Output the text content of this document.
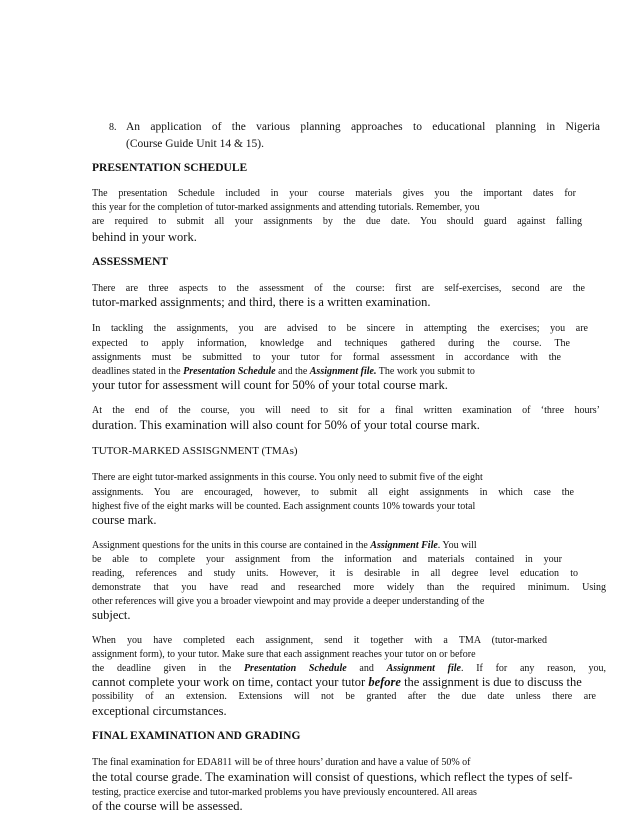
8. An application of the various planning approaches to educational planning in Nigeria
(Course Guide Unit 14 & 15).
PRESENTATION SCHEDULE
The presentation Schedule included in your course materials gives you the important dates for
this year for the completion of tutor-marked assignments and attending tutorials. Remember, you
are required to submit all your assignments by the due date. You should guard against falling
behind in your work.
ASSESSMENT
There are three aspects to the assessment of the course: first are self-exercises, second are the
tutor-marked assignments; and third, there is a written examination.
In tackling the assignments, you are advised to be sincere in attempting the exercises; you are
expected to apply information, knowledge and techniques gathered during the course. The
assignments must be submitted to your tutor for formal assessment in accordance with the
deadlines stated in the Presentation Schedule and the Assignment file. The work you submit to
your tutor for assessment will count for 50% of your total course mark.
At the end of the course, you will need to sit for a final written examination of ‘three hours’
duration. This examination will also count for 50% of your total course mark.
TUTOR-MARKED ASSISGNMENT (TMAs)
There are eight tutor-marked assignments in this course. You only need to submit five of the eight
assignments. You are encouraged, however, to submit all eight assignments in which case the
highest five of the eight marks will be counted. Each assignment counts 10% towards your total
course mark.
Assignment questions for the units in this course are contained in the Assignment File. You will
be able to complete your assignment from the information and materials contained in your
reading, references and study units. However, it is desirable in all degree level education to
demonstrate that you have read and researched more widely than the required minimum. Using
other references will give you a broader viewpoint and may provide a deeper understanding of the
subject.
When you have completed each assignment, send it together with a TMA (tutor-marked
assignment form), to your tutor. Make sure that each assignment reaches your tutor on or before
the deadline given in the Presentation Schedule and Assignment file. If for any reason, you,
cannot complete your work on time, contact your tutor before the assignment is due to discuss the
possibility of an extension. Extensions will not be granted after the due date unless there are
exceptional circumstances.
FINAL EXAMINATION AND GRADING
The final examination for EDA811 will be of three hours’ duration and have a value of 50% of
the total course grade. The examination will consist of questions, which reflect the types of self-
testing, practice exercise and tutor-marked problems you have previously encountered. All areas
of the course will be assessed.
